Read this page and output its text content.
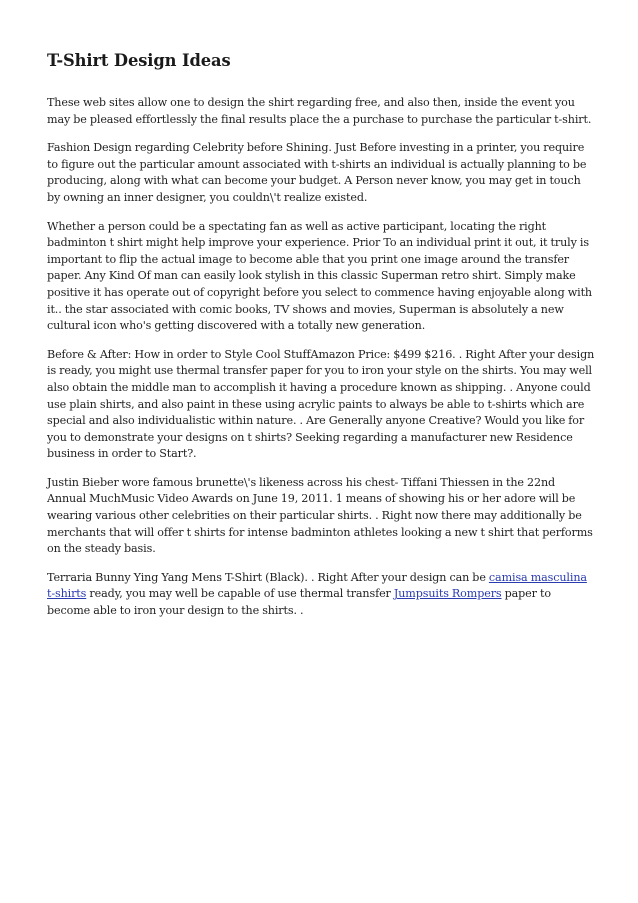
T-Shirt Design Ideas

These web sites allow one to design the shirt regarding free, and also then, inside the event you may be pleased effortlessly the final results place the a purchase to purchase the particular t-shirt.

Fashion Design regarding Celebrity before Shining. Just Before investing in a printer, you require to figure out the particular amount associated with t-shirts an individual is actually planning to be producing, along with what can become your budget. A Person never know, you may get in touch by owning an inner designer, you couldn\'t realize existed.

Whether a person could be a spectating fan as well as active participant, locating the right badminton t shirt might help improve your experience. Prior To an individual print it out, it truly is important to flip the actual image to become able that you print one image around the transfer paper. Any Kind Of man can easily look stylish in this classic Superman retro shirt. Simply make positive it has operate out of copyright before you select to commence having enjoyable along with it.. the star associated with comic books, TV shows and movies, Superman is absolutely a new cultural icon who's getting discovered with a totally new generation.

Before & After: How in order to Style Cool StuffAmazon Price: $499 $216. . Right After your design is ready, you might use thermal transfer paper for you to iron your style on the shirts. You may well also obtain the middle man to accomplish it having a procedure known as shipping. . Anyone could use plain shirts, and also paint in these using acrylic paints to always be able to t-shirts which are special and also individualistic within nature. . Are Generally anyone Creative? Would you like for you to demonstrate your designs on t shirts? Seeking regarding a manufacturer new Residence business in order to Start?.

Justin Bieber wore famous brunette\'s likeness across his chest- Tiffani Thiessen in the 22nd Annual MuchMusic Video Awards on June 19, 2011. 1 means of showing his or her adore will be wearing various other celebrities on their particular shirts. . Right now there may additionally be merchants that will offer t shirts for intense badminton athletes looking a new t shirt that performs on the steady basis.

Terraria Bunny Ying Yang Mens T-Shirt (Black). . Right After your design can be camisa masculina t-shirts ready, you may well be capable of use thermal transfer Jumpsuits Rompers paper to become able to iron your design to the shirts. .
